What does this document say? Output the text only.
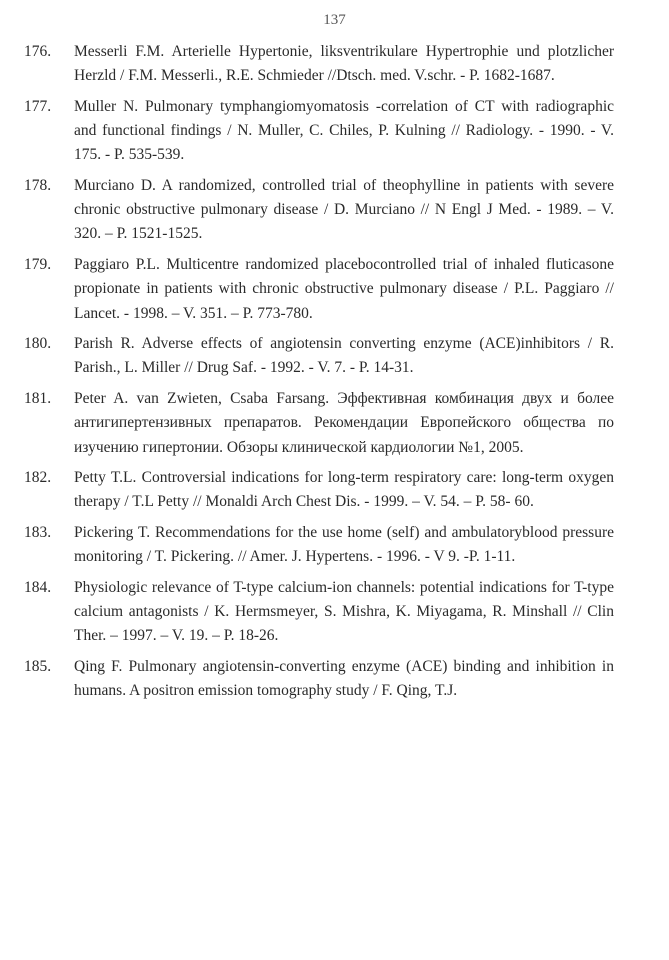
137
176.	Messerli F.M. Arterielle Hypertonie, liksventrikulare Hypertrophie und plotzlicher Herzld / F.M. Messerli., R.E. Schmieder //Dtsch. med. V.schr. - P. 1682-1687.
177.	Muller N. Pulmonary tymphangiomyomatosis -correlation of CT with radiographic and functional findings / N. Muller, C. Chiles, P. Kulning // Radiology. - 1990. - V. 175. - P. 535-539.
178.	Murciano D. A randomized, controlled trial of theophylline in patients with severe chronic obstructive pulmonary disease / D. Murciano // N Engl J Med. - 1989. – V. 320. – P. 1521-1525.
179.	Paggiaro P.L. Multicentre randomized placebocontrolled trial of inhaled fluticasone propionate in patients with chronic obstructive pulmonary disease / P.L. Paggiaro // Lancet. - 1998. – V. 351. – P. 773-780.
180.	Parish R. Adverse effects of angiotensin converting enzyme (ACE)inhibitors / R. Parish., L. Miller // Drug Saf. - 1992. - V. 7. - P. 14-31.
181.	Peter A. van Zwieten, Csaba Farsang. Эффективная комбинация двух и более антигипертензивных препаратов. Рекомендации Европейского общества по изучению гипертонии. Обзоры клинической кардиологии №1, 2005.
182.	Petty T.L. Controversial indications for long-term respiratory care: long-term oxygen therapy / T.L Petty // Monaldi Arch Chest Dis. - 1999. – V. 54. – P. 58- 60.
183.	Pickering T. Recommendations for the use home (self) and ambulatoryblood pressure monitoring / T. Pickering. // Amer. J. Hypertens. - 1996. - V 9. -P. 1-11.
184.	Physiologic relevance of T-type calcium-ion channels: potential indications for T-type calcium antagonists / K. Hermsmeyer, S. Mishra, K. Miyagama, R. Minshall // Clin Ther. – 1997. – V. 19. – P. 18-26.
185.	Qing F. Pulmonary angiotensin-converting enzyme (ACE) binding and inhibition in humans. A positron emission tomography study / F. Qing, T.J.
